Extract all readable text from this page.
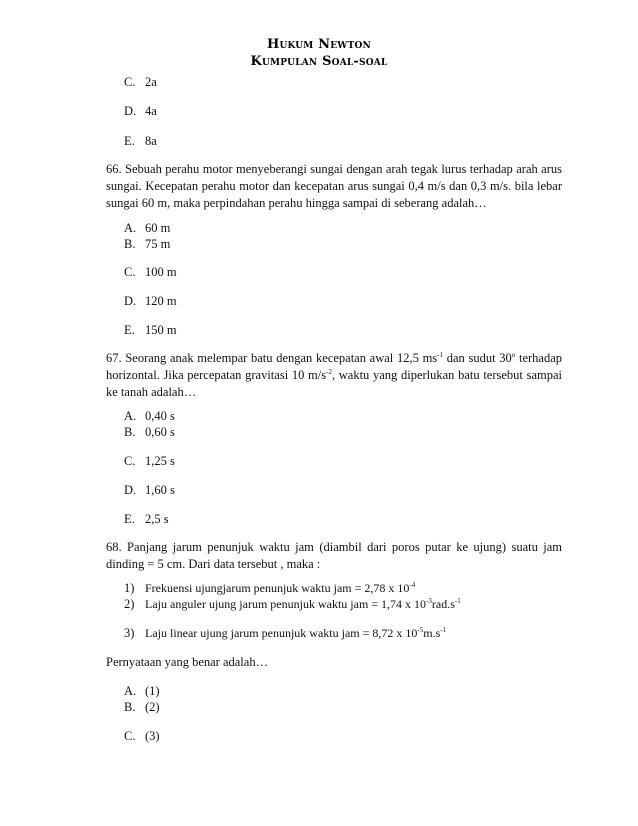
Hukum Newton
Kumpulan Soal-soal
C. 2a
D. 4a
E. 8a
66. Sebuah perahu motor menyeberangi sungai dengan arah tegak lurus terhadap arah arus sungai. Kecepatan perahu motor dan kecepatan arus sungai 0,4 m/s dan 0,3 m/s. bila lebar sungai 60 m, maka perpindahan perahu hingga sampai di seberang adalah…
A. 60 m
B. 75 m
C. 100 m
D. 120 m
E. 150 m
67. Seorang anak melempar batu dengan kecepatan awal 12,5 $ms^{-1}$ dan sudut 30$^o$ terhadap horizontal. Jika percepatan gravitasi 10 $m/s^{-2}$, waktu yang diperlukan batu tersebut sampai ke tanah adalah…
A. 0,40 s
B. 0,60 s
C. 1,25 s
D. 1,60 s
E. 2,5 s
68. Panjang jarum penunjuk waktu jam (diambil dari poros putar ke ujung) suatu jam dinding = 5 cm. Dari data tersebut , maka :
1) Frekuensi ujungjarum penunjuk waktu jam = 2,78 x $10^{-4}$
2) Laju anguler ujung jarum penunjuk waktu jam = 1,74 x $10^{-3}rad.s^{-1}$
3) Laju linear ujung jarum penunjuk waktu jam = 8,72 x $10^{-5}m.s^{-1}$
Pernyataan yang benar adalah…
A. (1)
B. (2)
C. (3)
